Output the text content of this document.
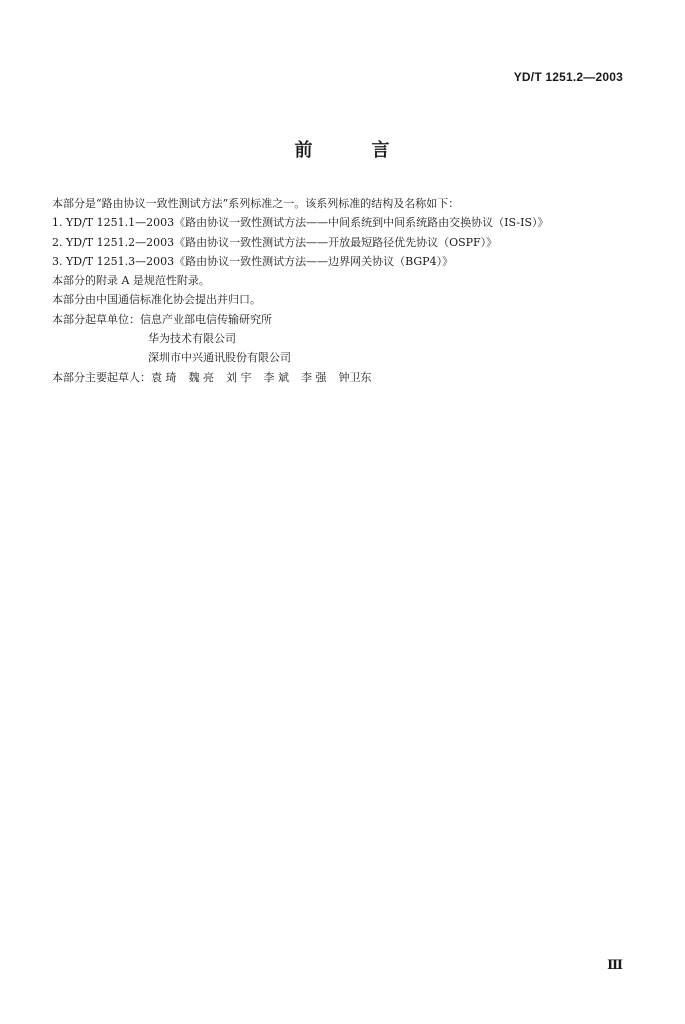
YD/T 1251.2—2003
前	言
本部分是“路由协议一致性测试方法”系列标准之一。该系列标准的结构及名称如下：
1. YD/T 1251.1—2003《路由协议一致性测试方法——中间系统到中间系统路由交换协议（IS-IS）》
2. YD/T 1251.2—2003《路由协议一致性测试方法——开放最短路径优先协议（OSPF）》
3. YD/T 1251.3—2003《路由协议一致性测试方法——边界网关协议（BGP4）》
本部分的附录 A 是规范性附录。
本部分由中国通信标准化协会提出并归口。
本部分起草单位：信息产业部电信传输研究所
华为技术有限公司
深圳市中兴通讯股份有限公司
本部分主要起草人：袁 琦 魏 亮 刘 宇 李 斌 李 强 钟卫东
Ⅲ
